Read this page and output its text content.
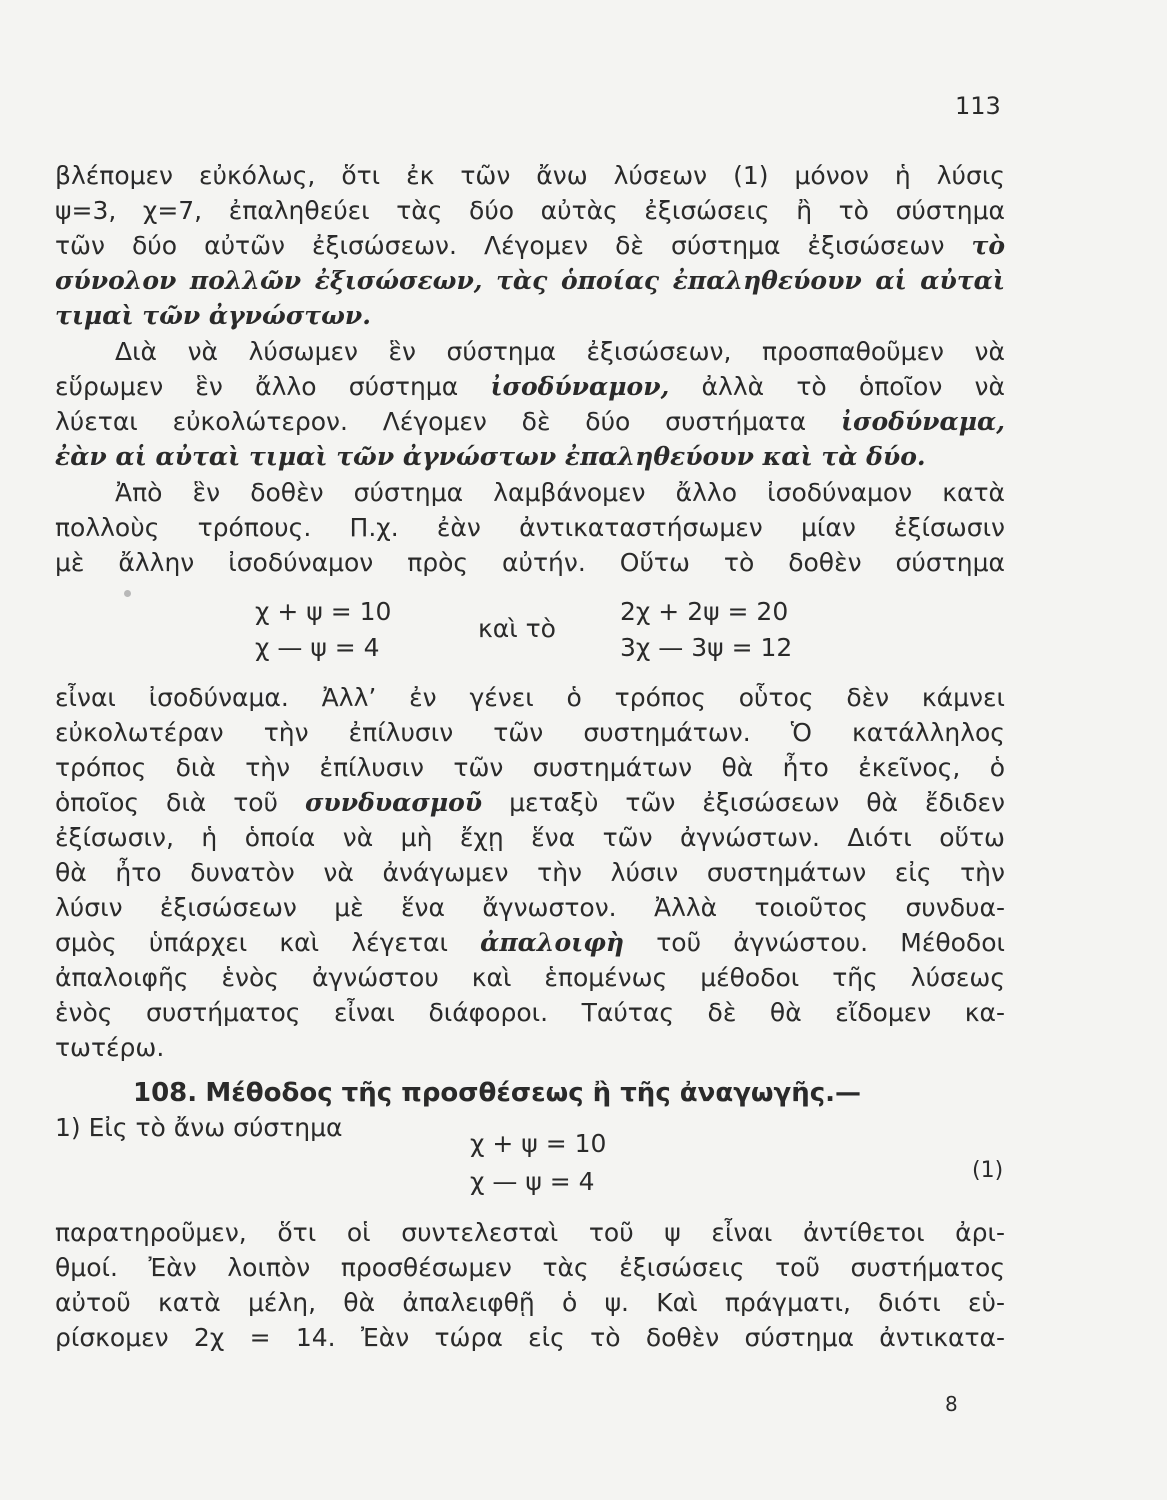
113
βλέπομεν εὐκόλως, ὅτι ἐκ τῶν ἄνω λύσεων (1) μόνον ἡ λύσις
ψ=3, χ=7, ἐπαληθεύει τὰς δύο αὐτὰς ἐξισώσεις ἢ τὸ σύστημα
τῶν δύο αὐτῶν ἐξισώσεων. Λέγομεν δὲ σύστημα ἐξισώσεων τὸ
σύνολον πολλῶν ἐξισώσεων, τὰς ὁποίας ἐπαληθεύουν αἱ αὐταὶ
τιμαὶ τῶν ἀγνώστων.
Διὰ νὰ λύσωμεν ἓν σύστημα ἐξισώσεων, προσπαθοῦμεν νὰ
εὕρωμεν ἓν ἄλλο σύστημα ἰσοδύναμον, ἀλλὰ τὸ ὁποῖον νὰ
λύεται εὐκολώτερον. Λέγομεν δὲ δύο συστήματα ἰσοδύναμα,
ἐὰν αἱ αὐταὶ τιμαὶ τῶν ἀγνώστων ἐπαληθεύουν καὶ τὰ δύο.
Ἀπὸ ἓν δοθὲν σύστημα λαμβάνομεν ἄλλο ἰσοδύναμον κατὰ
πολλοὺς τρόπους. Π.χ. ἐὰν ἀντικαταστήσωμεν μίαν ἐξίσωσιν
μὲ ἄλλην ἰσοδύναμον πρὸς αὐτήν. Οὕτω τὸ δοθὲν σύστημα
χ + ψ = 10
χ — ψ = 4
καὶ τὸ
2χ + 2ψ = 20
3χ — 3ψ = 12
εἶναι ἰσοδύναμα. Ἀλλ’ ἐν γένει ὁ τρόπος οὗτος δὲν κάμνει
εὐκολωτέραν τὴν ἐπίλυσιν τῶν συστημάτων. Ὁ κατάλληλος
τρόπος διὰ τὴν ἐπίλυσιν τῶν συστημάτων θὰ ἦτο ἐκεῖνος, ὁ
ὁποῖος διὰ τοῦ συνδυασμοῦ μεταξὺ τῶν ἐξισώσεων θὰ ἔδιδεν
ἐξίσωσιν, ἡ ὁποία νὰ μὴ ἔχῃ ἕνα τῶν ἀγνώστων. Διότι οὕτω
θὰ ἦτο δυνατὸν νὰ ἀνάγωμεν τὴν λύσιν συστημάτων εἰς τὴν
λύσιν ἐξισώσεων μὲ ἕνα ἄγνωστον. Ἀλλὰ τοιοῦτος συνδυα-
σμὸς ὑπάρχει καὶ λέγεται ἀπαλοιφὴ τοῦ ἀγνώστου. Μέθοδοι
ἀπαλοιφῆς ἑνὸς ἀγνώστου καὶ ἑπομένως μέθοδοι τῆς λύσεως
ἑνὸς συστήματος εἶναι διάφοροι. Ταύτας δὲ θὰ εἴδομεν κα-
τωτέρω.
108. Μέθοδος τῆς προσθέσεως ἢ τῆς ἀναγωγῆς.—
1) Εἰς τὸ ἄνω σύστημα
χ + ψ = 10
χ — ψ = 4	(1)
παρατηροῦμεν, ὅτι οἱ συντελεσταὶ τοῦ ψ εἶναι ἀντίθετοι ἀρι-
θμοί. Ἐὰν λοιπὸν προσθέσωμεν τὰς ἐξισώσεις τοῦ συστήματος
αὐτοῦ κατὰ μέλη, θὰ ἀπαλειφθῇ ὁ ψ. Καὶ πράγματι, διότι εὑ-
ρίσκομεν 2χ = 14. Ἐὰν τώρα εἰς τὸ δοθὲν σύστημα ἀντικατα-
8
